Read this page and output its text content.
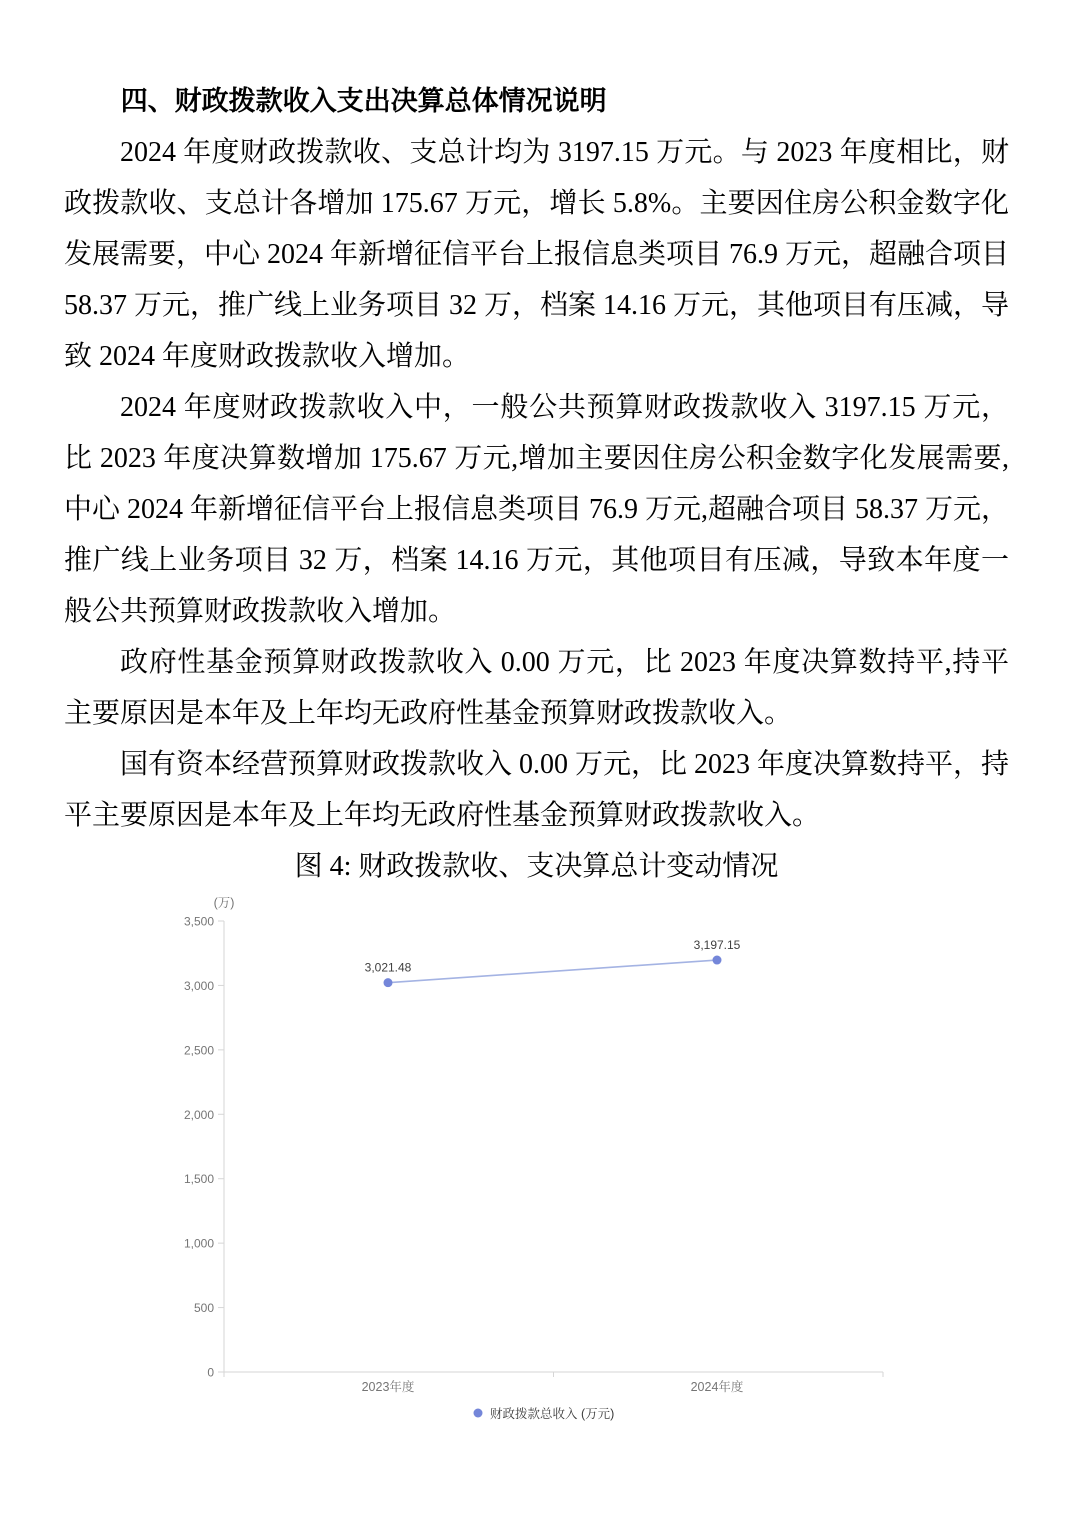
四、财政拨款收入支出决算总体情况说明

2024 年度财政拨款收、支总计均为 3197.15 万元。与 2023 年度相比，财政拨款收、支总计各增加 175.67 万元，增长 5.8%。主要因住房公积金数字化发展需要，中心 2024 年新增征信平台上报信息类项目 76.9 万元，超融合项目 58.37 万元，推广线上业务项目 32 万，档案 14.16 万元，其他项目有压减，导致 2024 年度财政拨款收入增加。

2024 年度财政拨款收入中，一般公共预算财政拨款收入 3197.15 万元，比 2023 年度决算数增加 175.67 万元,增加主要因住房公积金数字化发展需要,中心 2024 年新增征信平台上报信息类项目 76.9 万元,超融合项目 58.37 万元，推广线上业务项目 32 万，档案 14.16 万元，其他项目有压减，导致本年度一般公共预算财政拨款收入增加。

政府性基金预算财政拨款收入 0.00 万元，比 2023 年度决算数持平,持平主要原因是本年及上年均无政府性基金预算财政拨款收入。

国有资本经营预算财政拨款收入 0.00 万元，比 2023 年度决算数持平，持平主要原因是本年及上年均无政府性基金预算财政拨款收入。

图 4: 财政拨款收、支决算总计变动情况

(万)
0
500
1,000
1,500
2,000
2,500
3,000
3,500
2023年度	2024年度
3,021.48
3,197.15
财政拨款总收入 (万元)
